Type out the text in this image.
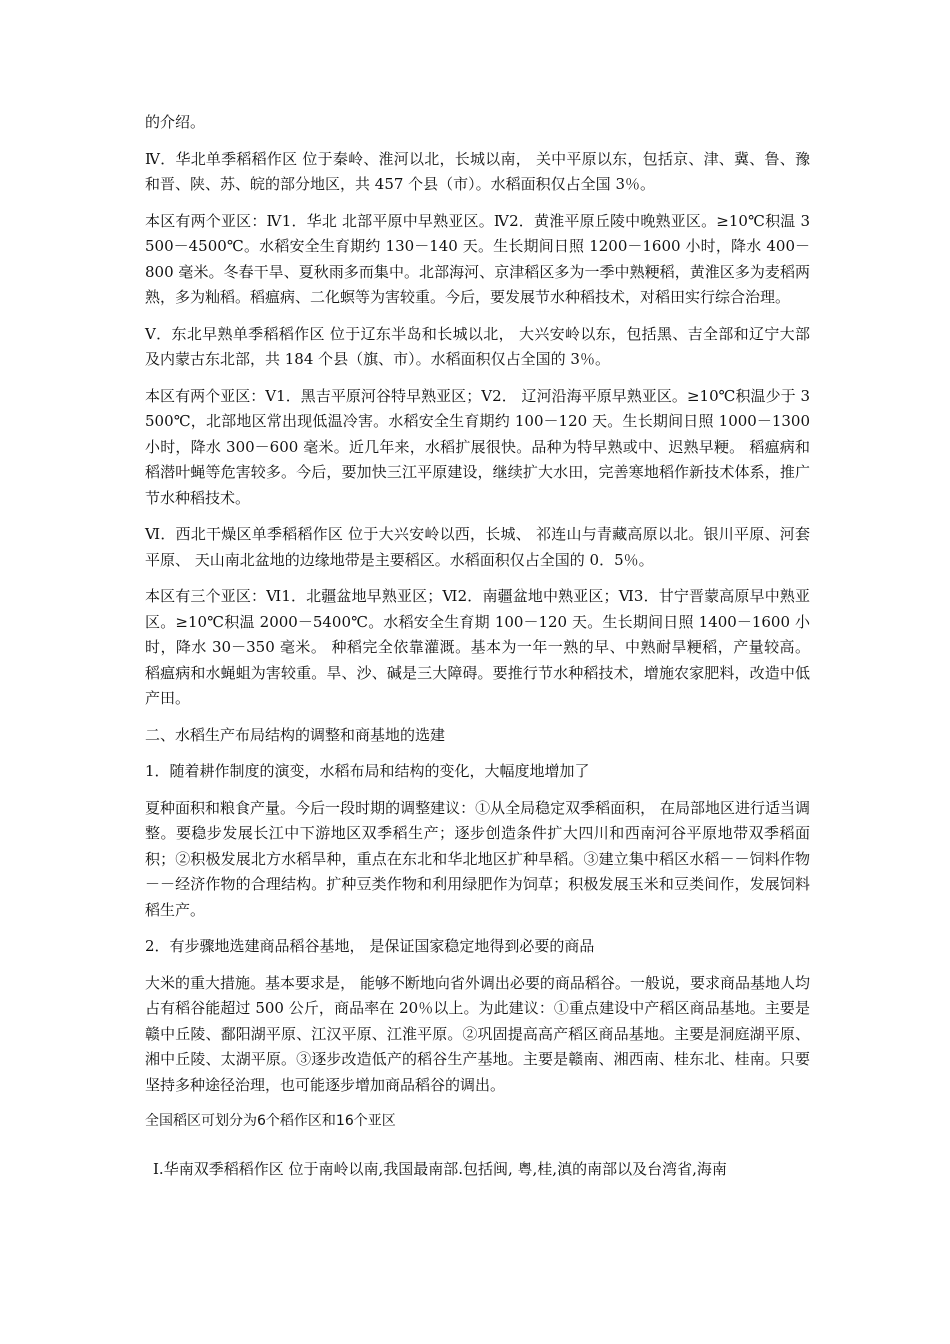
的介绍。

Ⅳ．华北单季稻稻作区 位于秦岭、淮河以北，长城以南， 关中平原以东，包括京、津、冀、鲁、豫和晋、陕、苏、皖的部分地区，共 457 个县（市）。水稻面积仅占全国 3％。

本区有两个亚区：Ⅳ1．华北 北部平原中早熟亚区。Ⅳ2．黄淮平原丘陵中晚熟亚区。≥10℃积温 3500－4500℃。水稻安全生育期约 130－140 天。生长期间日照 1200－1600 小时，降水 400－800 毫米。冬春干旱、夏秋雨多而集中。北部海河、京津稻区多为一季中熟粳稻，黄淮区多为麦稻两熟，多为籼稻。稻瘟病、二化螟等为害较重。今后，要发展节水种稻技术，对稻田实行综合治理。

Ⅴ．东北早熟单季稻稻作区 位于辽东半岛和长城以北， 大兴安岭以东，包括黑、吉全部和辽宁大部及内蒙古东北部，共 184 个县（旗、市）。水稻面积仅占全国的 3％。

本区有两个亚区：Ⅴ1．黑吉平原河谷特早熟亚区；Ⅴ2． 辽河沿海平原早熟亚区。≥10℃积温少于 3500℃，北部地区常出现低温冷害。水稻安全生育期约 100－120 天。生长期间日照 1000－1300 小时，降水 300－600 毫米。近几年来，水稻扩展很快。品种为特早熟或中、迟熟早粳。 稻瘟病和稻潜叶蝇等危害较多。今后，要加快三江平原建设，继续扩大水田，完善寒地稻作新技术体系，推广节水种稻技术。

Ⅵ．西北干燥区单季稻稻作区 位于大兴安岭以西，长城、 祁连山与青藏高原以北。银川平原、河套平原、 天山南北盆地的边缘地带是主要稻区。水稻面积仅占全国的 0．5％。

本区有三个亚区：Ⅵ1．北疆盆地早熟亚区；Ⅵ2．南疆盆地中熟亚区；Ⅵ3．甘宁晋蒙高原早中熟亚区。≥10℃积温 2000－5400℃。水稻安全生育期 100－120 天。生长期间日照 1400－1600 小时，降水 30－350 毫米。 种稻完全依靠灌溉。基本为一年一熟的早、中熟耐旱粳稻，产量较高。 稻瘟病和水蝇蛆为害较重。旱、沙、碱是三大障碍。要推行节水种稻技术，增施农家肥料，改造中低产田。

二、水稻生产布局结构的调整和商基地的选建

1．随着耕作制度的演变，水稻布局和结构的变化，大幅度地增加了

夏种面积和粮食产量。今后一段时期的调整建议：①从全局稳定双季稻面积， 在局部地区进行适当调整。要稳步发展长江中下游地区双季稻生产；逐步创造条件扩大四川和西南河谷平原地带双季稻面积；②积极发展北方水稻旱种，重点在东北和华北地区扩种旱稻。③建立集中稻区水稻－－饲料作物－－经济作物的合理结构。扩种豆类作物和利用绿肥作为饲草；积极发展玉米和豆类间作，发展饲料稻生产。

2．有步骤地选建商品稻谷基地， 是保证国家稳定地得到必要的商品

大米的重大措施。基本要求是， 能够不断地向省外调出必要的商品稻谷。一般说，要求商品基地人均占有稻谷能超过 500 公斤，商品率在 20％以上。为此建议：①重点建设中产稻区商品基地。主要是赣中丘陵、鄱阳湖平原、江汉平原、江淮平原。②巩固提高高产稻区商品基地。主要是洞庭湖平原、湘中丘陵、太湖平原。③逐步改造低产的稻谷生产基地。主要是赣南、湘西南、桂东北、桂南。只要坚持多种途径治理，也可能逐步增加商品稻谷的调出。

全国稻区可划分为6个稻作区和16个亚区

Ⅰ.华南双季稻稻作区 位于南岭以南,我国最南部.包括闽, 粤,桂,滇的南部以及台湾省,海南
